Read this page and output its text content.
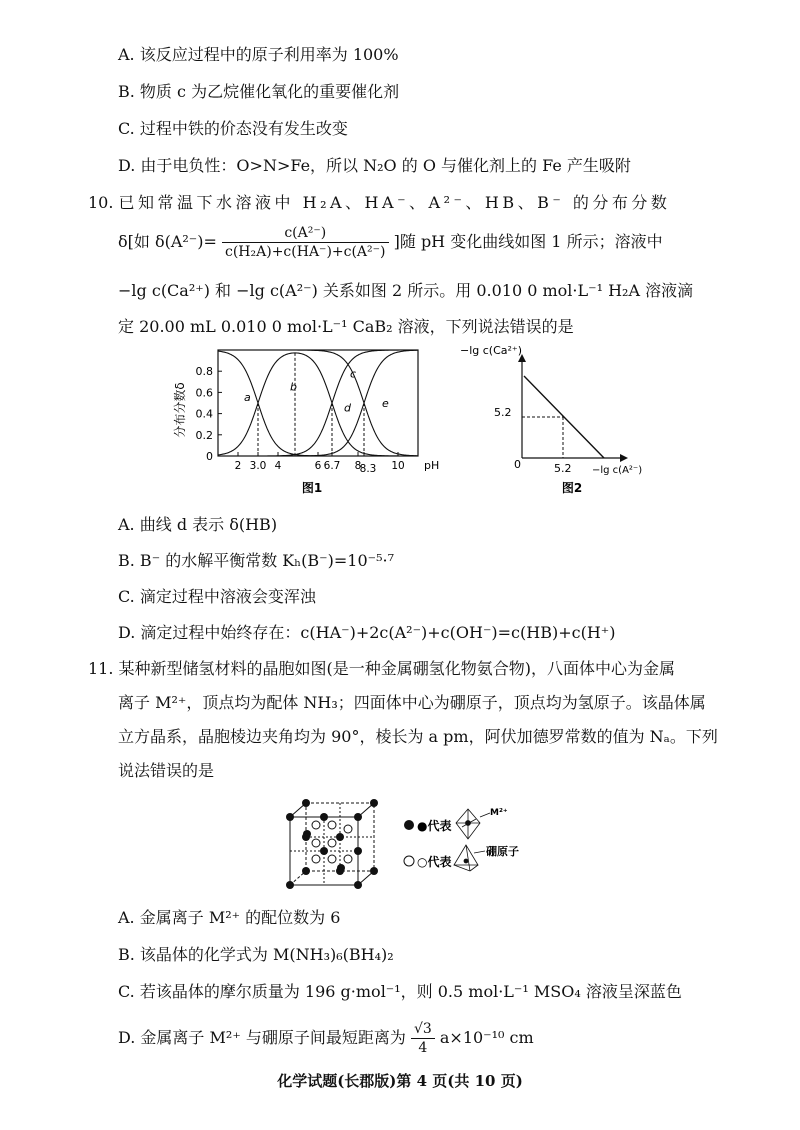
A. 该反应过程中的原子利用率为 100%
B. 物质 c 为乙烷催化氧化的重要催化剂
C. 过程中铁的价态没有发生改变
D. 由于电负性：O>N>Fe，所以 N₂O 的 O 与催化剂上的 Fe 产生吸附
10. 已知常温下水溶液中 H₂A、HA⁻、A²⁻、HB、B⁻ 的分布分数
δ[如 $\delta(A^{2-})= \frac{\text{c(A²⁻)}}{\text{c(H₂A)+c(HA⁻)+c(A²⁻)}}$ ]随 pH 变化曲线如图 1 所示；溶液中
−lg c(Ca²⁺) 和 −lg c(A²⁻) 关系如图 2 所示。用 0.010 0 mol·L⁻¹ H₂A 溶液滴
定 20.00 mL 0.010 0 mol·L⁻¹ CaB₂ 溶液，下列说法错误的是
分布分数δ
0
0.2
0.4
0.6
0.8
2 3.0 4	6 6.7 8
8.3 10
a
b
c
d	e
pH
图1
−lg c(Ca²⁺)
0
5.2
5.2 −lg c(A²⁻)
图2
A. 曲线 d 表示 δ(HB)
B. B⁻ 的水解平衡常数 Kₕ(B⁻)=10⁻⁵·⁷
C. 滴定过程中溶液会变浑浊
D. 滴定过程中始终存在：c(HA⁻)+2c(A²⁻)+c(OH⁻)=c(HB)+c(H⁺)
11. 某种新型储氢材料的晶胞如图(是一种金属硼氢化物氨合物)，八面体中心为金属
离子 M²⁺，顶点均为配体 NH₃；四面体中心为硼原子，顶点均为氢原子。该晶体属
立方晶系，晶胞棱边夹角均为 90°，棱长为 a pm，阿伏加德罗常数的值为 Nₐ。下列
说法错误的是
●代表
M²⁺
○代表
硼原子
A. 金属离子 M²⁺ 的配位数为 6
B. 该晶体的化学式为 M(NH₃)₆(BH₄)₂
C. 若该晶体的摩尔质量为 196 g·mol⁻¹，则 0.5 mol·L⁻¹ MSO₄ 溶液呈深蓝色
D. 金属离子 M²⁺ 与硼原子间最短距离为 $\frac{√3}{4} a\times 10^{-10}$ cm
化学试题(长郡版)第 4 页(共 10 页)
